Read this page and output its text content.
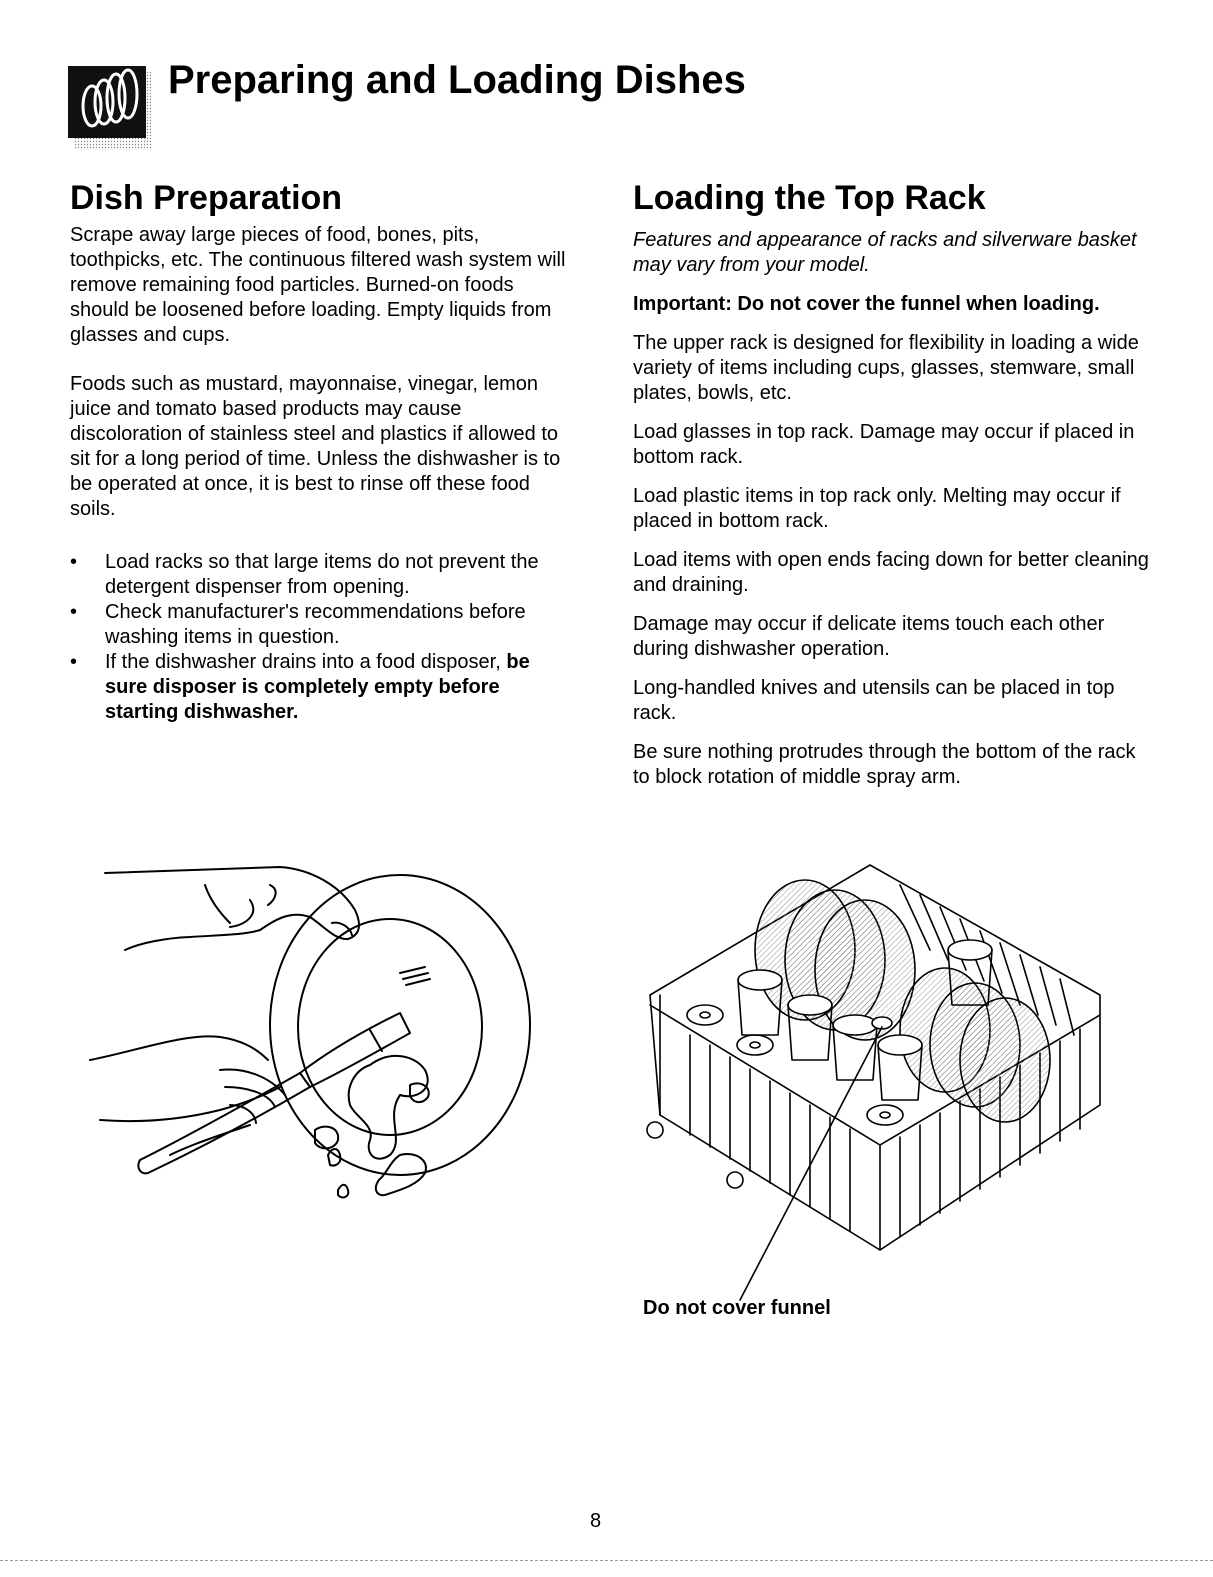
Preparing and Loading Dishes
Dish Preparation

Scrape away large pieces of food, bones, pits, toothpicks, etc. The continuous filtered wash system will remove remaining food particles. Burned-on foods should be loosened before loading. Empty liquids from glasses and cups.

Foods such as mustard, mayonnaise, vinegar, lemon juice and tomato based products may cause discoloration of stainless steel and plastics if allowed to sit for a long period of time. Unless the dishwasher is to be operated at once, it is best to rinse off these food soils.

•	Load racks so that large items do not prevent the detergent dispenser from opening.
•	Check manufacturer's recommendations before washing items in question.
•	If the dishwasher drains into a food disposer, be sure disposer is completely empty before starting dishwasher.
Loading the Top Rack

Features and appearance of racks and silverware basket may vary from your model.

Important: Do not cover the funnel when loading.

The upper rack is designed for flexibility in loading a wide variety of items including cups, glasses, stemware, small plates, bowls, etc.

Load glasses in top rack. Damage may occur if placed in bottom rack.

Load plastic items in top rack only. Melting may occur if placed in bottom rack.

Load items with open ends facing down for better cleaning and draining.

Damage may occur if delicate items touch each other during dishwasher operation.

Long-handled knives and utensils can be placed in top rack.

Be sure nothing protrudes through the bottom of the rack to block rotation of middle spray arm.

Do not cover funnel
8
